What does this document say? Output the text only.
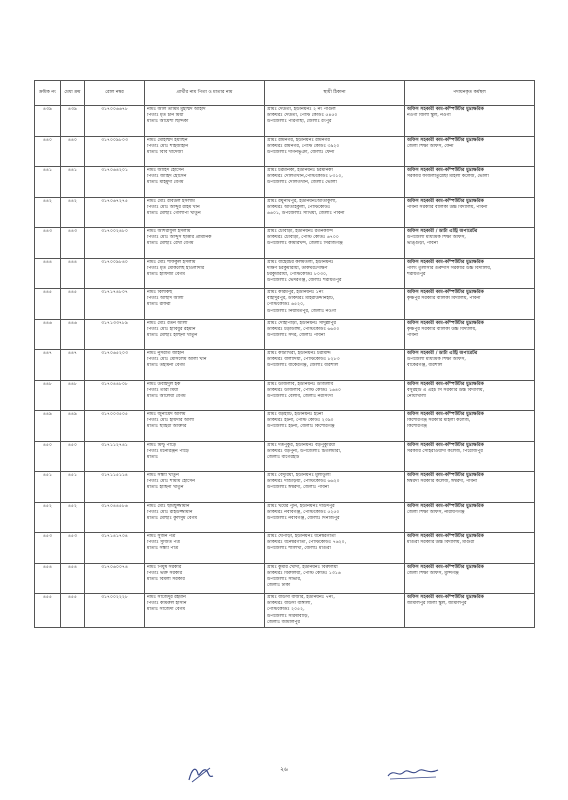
ক্রমিক নং	মেধা ক্রম	রোল নম্বর	প্রার্থীর নাম পিতা ও মাতার নাম	স্থায়ী ঠিকানা	পদায়নকৃত কর্মস্থল
৪৩৯	৪৩৯	৩১৭০০৬৬৭৮	নামঃ আল তামিম মুহাম্মদ আহাদ
পিতাঃ মৃত চাঁন মিয়া
মাতাঃ আয়েশা ছিদ্দিকা	গ্রামঃ দেউতী, ইউনিয়নঃ ২ নং পাগুল
ডাকঘরঃ দেউতী, পোস্ট কোডঃ ৫৪৫০
উপজেলাঃ পীরগাছা, জেলাঃ রংপুর	অফিস সহকারী কাম-কম্পিউটার মুদ্রাক্ষরিক
নওগাঁ জিলা স্কুল, নওগাঁ

৪৪০	৪৪০	৩১৭০০৯৮০৩	নামঃ মোহাম্মদ ইয়াছিন
পিতাঃ মোঃ শাহজাহান
মাতাঃ বিবি খাদেজা	গ্রামঃ রামনগর, ইউনিয়নঃ রামনগর
ডাকঘরঃ রামনগর, পোস্ট কোডঃ ৩৯২০
উপজেলাঃ দাগনভূঞাঁ, জেলাঃ ফেনী	অফিস সহকারী কাম-কম্পিউটার মুদ্রাক্ষরিক
জেলা শিক্ষা অফিস, ফেনী

৪৪১	৪৪১	৩১৭০৬৪২০১	নামঃ জাহিদ হোসেন
পিতাঃ জাহিদ হোসেন
মাতাঃ মাহমুদা বেগম	গ্রামঃ চরমনিকা, ইউনিয়নঃ চরমনিকা
ডাকঘরঃ দৌলতখান,পোস্টকোডঃ ৮৩১০,
উপজেলাঃ দৌলতখান, জেলাঃ ভোলা	অফিস সহকারী কাম-কম্পিউটার মুদ্রাক্ষরিক
সরকারি ফজিলাতুন্নেছা মহিলা কলেজ, ভোলা

৪৪২	৪৪২	৩১৭০৬৭২৭৫	নামঃ মোঃ রবিউল ইসলাম
পিতাঃ মোঃ আব্দুর রহিম খান
মাতাঃ মোছাঃ গোলাপী খাতুন	গ্রামঃ রঘুনাথপুর, ইউনিয়নঃআতাকুলা,
ডাকঘরঃ আতাইকুলা, পোস্টকোডঃ
৬৬০১, উপজেলাঃ সাঁথিয়া, জেলাঃ পাবনা	অফিস সহকারী কাম-কম্পিউটার মুদ্রাক্ষরিক
পাবনা সরকারি বালিকা উচ্চ বিদ্যালয়, পাবনা

৪৪৩	৪৪৩	৩১৭০০২৪৮০	নামঃ আশরাফুল ইসলাম
পিতাঃ মোঃ আব্দুস ছাত্তার প্রামানিক
মাতাঃ মোছাঃ রেখা বেগম	গ্রামঃ চৌবাড়ী, ইউনিয়নঃ রতনকান্দি
ডাকঘরঃ চৌবাড়ী, পোস্ট কোডঃ ৬৭০০
উপজেলাঃ কামারখন্দ, জেলাঃ সিরাজগঞ্জ	অফিস সহকারী / ডাটা এন্ট্রি অপারেটর
উপজেলা মাধ্যমিক শিক্ষা অফিস,
ভাঙ্গুড়া, পাবনা

৪৪৪	৪৪৪	৩১৭০০৯৮৪০	নামঃ মোঃ শফিকুল ইসলাম
পিতাঃ মৃত মোকলেছ হাওলাদার
মাতাঃ হাফিজা বেগম	গ্রামঃ বাহেরচর কলমতলী, ইউনিয়নঃ
দক্ষিণ চরকুমারীয়া, ডাকঘরঃদক্ষিণ
চরকুমারীয়া, পোস্টকোডঃ ৮০৩০,
উপজেলাঃ ভেদরগঞ্জ, জেলাঃ শরীয়তপুর	অফিস সহকারী কাম-কম্পিউটার মুদ্রাক্ষরিক
পালং তুলাসার গুরুদাস সরকারি উচ্চ বিদ্যালয়,
শরীয়তপুর

৪৪৫	৪৪৫	৩১৭১৭৪৮০৭	নামঃ বিলকিছ
পিতাঃ আছাদ আলী
মাতাঃ রফিরা	গ্রামঃ করিমপুর, ইউনিয়নঃ ১নং
বাহাদুরপুর, ডাকঘরঃ মহিরাউদ্দীনহাট,
পোস্টকোডঃ ৬৫২০,
উপজেলাঃ নিয়ামতপুর, জেলাঃ নওগাঁ	অফিস সহকারী কাম-কম্পিউটার মুদ্রাক্ষরিক
কৃষ্ণপুর সরকারি বালিকা বিদ্যালয়, পাবনা

৪৪৬	৪৪৬	৩১৭১৩৩৭৮৯	নামঃ মোঃ রতন আলী
পিতাঃ মোঃ হাবিবুর রহমান
মাতাঃ মোছাঃ হাছিনা খাতুন	গ্রামঃ দোহাপাড়া, ইউনিয়নঃ সাদুল্লাপুর
ডাকঘরঃ চড়াডাঙ্গী, পোস্টকোডঃ ৬৬০০
উপজেলাঃ সদর, জেলাঃ পাবনা	অফিস সহকারী কাম-কম্পিউটার মুদ্রাক্ষরিক
কৃষ্ণপুর সরকারি বালিকা উচ্চ বিদ্যালয়,
পাবনা

৪৪৭	৪৪৭	৩১৭০৬৫২০৩	নামঃ নুসরাত জাহান
পিতাঃ মোঃ মোসলেম আলী খান
মাতাঃ তহমিনা বেগম	গ্রামঃ কাটাখিরা, ইউনিয়নঃ চরামদ্দি
ডাকঘরঃ বালাদিয়া, পোস্টকোডঃ ৮২৮৩
উপজেলাঃ বাকেরগঞ্জ, জেলাঃ বরিশাল	অফিস সহকারী / ডাটা এন্ট্রি অপারেটর
উপজেলা মাধ্যমিক শিক্ষা অফিস,
বাকেরগঞ্জ, বরিশাল

৪৪৮	৪৪৮	৩১৭০৪৪৮০৮	নামঃ উবাইদুল হক
পিতাঃ তারা মিয়া
মাতাঃ আলেয়া বেগম	গ্রামঃ উজিলাব, ইউনিয়নঃ উজিলাব
ডাকঘরঃ উজিলাব, পোস্ট কোডঃ ১৬৪০
উপজেলাঃ বেলাব, জেলাঃ নরসিংদী	অফিস সহকারী কাম-কম্পিউটার মুদ্রাক্ষরিক
বসুরহাট এ এইচ সি সরকারি উচ্চ বিদ্যালয়,
নোয়াখালী

৪৪৯	৪৪৯	৩১৭০০৩৫০৫	নামঃ জুনায়েদ আলম
পিতাঃ মোঃ হায়দার আলী
মাতাঃ ছাহিরা আক্তার	গ্রামঃ বড়হাটি, ইউনিয়নঃ ইটনা
ডাকঘরঃ ইটনা, পোস্ট কোডঃ ২৩৯০
উপজেলাঃ ইটনা, জেলাঃ কিশোরগঞ্জ	অফিস সহকারী কাম-কম্পিউটার মুদ্রাক্ষরিক
কিশোরগঞ্জ সরকারি মহিলা কলেজ,
কিশোরগঞ্জ

৪৫০	৪৫০	৩১৭১১২৭৪১	নামঃ মিন্টু পাড়ে
পিতাঃ মনোরঞ্জন পাড়ে
মাতাঃ	গ্রামঃ দত্তপুকুর, ইউনিয়নঃ বড়পুকুরিয়া
ডাকঘরঃ বড়পুনী, উপজেলাঃ চিতলমারী,
জেলাঃ বাগেরহাট	অফিস সহকারী কাম-কম্পিউটার মুদ্রাক্ষরিক
সরকারি সোহরাওয়ার্দী কলেজ, পিরোজপুর

৪৫১	৪৫১	৩১৭১১৫১১৪	নামঃ সন্ধ্যা খাতুন
পিতাঃ মোঃ শামীম হোসেন
মাতাঃ হাছিনা খাতুন	গ্রামঃ বেদুরিয়া, ইউনিয়নঃ মুলাডুলী
ডাকঘরঃ দাশুড়িয়া, পোস্টকোডঃ ৬৬২০
উপজেলাঃ ঈশ্বরদী, জেলাঃ পাবনা	অফিস সহকারী কাম-কম্পিউটার মুদ্রাক্ষরিক
ঈশ্বরদী সরকারি কলেজ, ঈশ্বরদী, পাবনা

৪৫২	৪৫২	৩১৭০৪৪৫৮৬	নামঃ মোঃ ছামছুজ্জামান
পিতাঃ মোঃ রহিউজ্জামান
মাতাঃ মোছাঃ কুলসুম বেগম	গ্রামঃ খয়ের পুনি, ইউনিয়নঃ দাউদপুর
ডাকঘরঃ নবাবগঞ্জ, পোস্টকোডঃ ৫২৫০
উপজেলাঃ নবাবগঞ্জ, জেলাঃ দিনাজপুর	অফিস সহকারী কাম-কম্পিউটার মুদ্রাক্ষরিক
জেলা শিক্ষা অফিস, নারায়ণগঞ্জ

৪৫৩	৪৫৩	৩১৭১৪১৭০৪	নামঃ সুজন পত্র
পিতাঃ সুজিত পত্র
মাতাঃ সন্ধ্যা পাত্র	গ্রামঃ ঘৈপাড়া, ইউনিয়নঃ ধনেশ্বরগাতী
ডাকঘরঃ ধনেশ্বরগাতী, পোস্টকোডঃ ৭৬২০,
উপজেলাঃ শালিখা, জেলাঃ মাগুরা	অফিস সহকারী কাম-কম্পিউটার মুদ্রাক্ষরিক
মাগুরা সরকারি উচ্চ বিদ্যালয়, মাগুরা

৪৫৪	৪৫৪	৩১৭০৬০০৭৪	নামঃ পিযুষ সরকার
পিতাঃ ভক্ত সরকার
মাতাঃ বিমলা সরকার	গ্রামঃ কুমার খোদা, ইউনিয়নঃ বিরুলিয়া
ডাকঘরঃ বিরুলিয়া, পোস্ট কোডঃ ১৩১৬
উপজেলাঃ সাভার,
জেলাঃ ঢাকা	অফিস সহকারী কাম-কম্পিউটার মুদ্রাক্ষরিক
জেলা শিক্ষা অফিস, মুন্সিগঞ্জ

৪৫৫	৪৫৫	৩১৭০০২২২৮	নামঃ সাজেদুর রহমান
পিতাঃ কামরুল হাসান
মাতাঃ সাজেদা বেগম	গ্রামঃ বাউসী বাজার, ইউনিয়নঃ ৭নং,
ডাকঘরঃ বাউসী বাঙ্গালী,
পোস্টকোডঃ ২০৫২,
উপজেলাঃ সরিষাবাড়ি,
জেলাঃ জামালপুর	অফিস সহকারী কাম-কম্পিউটার মুদ্রাক্ষরিক
জামালপুর জিলা স্কুল, জামালপুর
২৬
